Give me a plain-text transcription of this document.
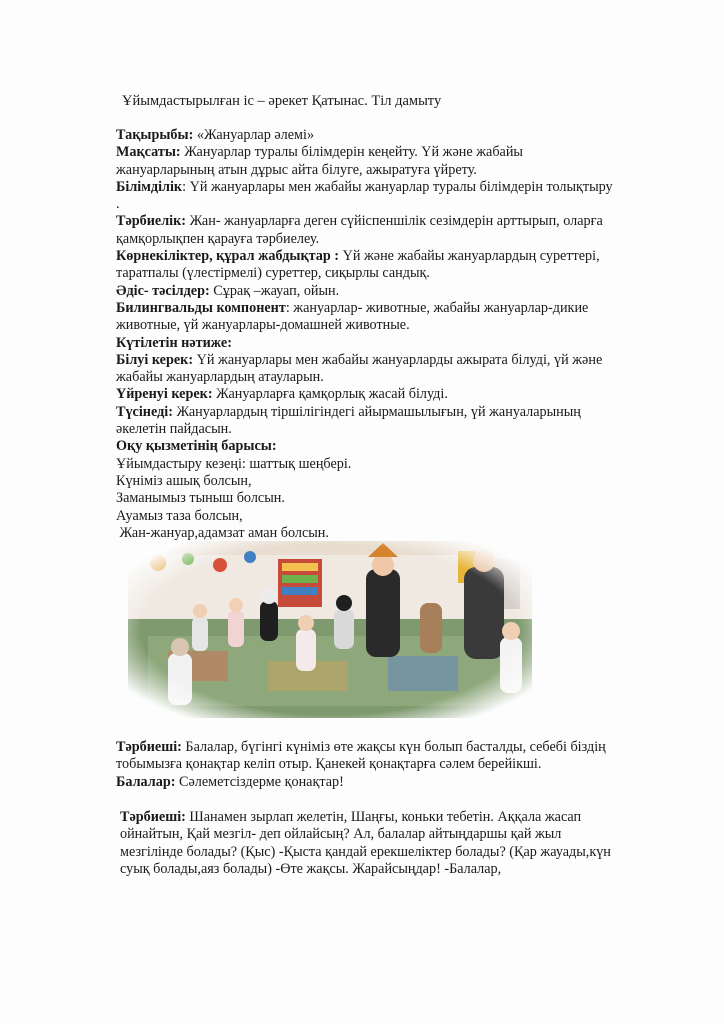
Ұйымдастырылған іс – әрекет Қатынас. Тіл дамыту

Тақырыбы: «Жануарлар әлемі»

Мақсаты: Жануарлар туралы білімдерін кеңейту. Үй және жабайы жануарларының атын дұрыс айта білуге, ажыратуға үйрету.

Білімділік: Үй жануарлары мен жабайы жануарлар туралы білімдерін толықтыру .

Тәрбиелік: Жан- жануарларға деген сүйіспеншілік сезімдерін арттырып, оларға қамқорлықпен қарауға тәрбиелеу.

Көрнекіліктер, құрал жабдықтар : Үй және жабайы жануарлардың суреттері, таратпалы (үлестірмелі) суреттер, сиқырлы сандық.

Әдіс- тәсілдер: Сұрақ –жауап, ойын.

Билингвальды компонент: жануарлар- животные, жабайы жануарлар-дикие животные, үй жануарлары-домашней животные.

Күтілетін нәтиже:

Білуі керек: Үй жануарлары мен жабайы жануарларды ажырата білуді, үй және жабайы жануарлардың атауларын.

Үйренуі керек: Жануарларға қамқорлық жасай білуді.

Түсінеді: Жануарлардың тіршілігіндегі айырмашылығын, үй жануаларының әкелетін пайдасын.

Оқу қызметінің барысы:

Ұйымдастыру кезеңі: шаттық шеңбері.

Күніміз ашық болсын,

Заманымыз тыныш болсын.

Ауамыз таза болсын,

Жан-жануар,адамзат аман болсын.

Тәрбиеші: Балалар, бүгінгі күніміз өте жақсы күн болып басталды, себебі біздің тобымызға қонақтар келіп отыр. Қанекей қонақтарға сәлем берейікші.

Балалар: Сәлеметсіздерме қонақтар!

Тәрбиеші: Шанамен зырлап желетін, Шаңғы, коньки тебетін. Аққала жасап ойнайтын, Қай мезгіл- деп ойлайсың? Ал, балалар айтыңдаршы қай жыл мезгілінде болады? (Қыс) -Қыста қандай ерекшеліктер болады? (Қар жауады,күн суық болады,аяз болады) -Өте жақсы. Жарайсыңдар! -Балалар,
